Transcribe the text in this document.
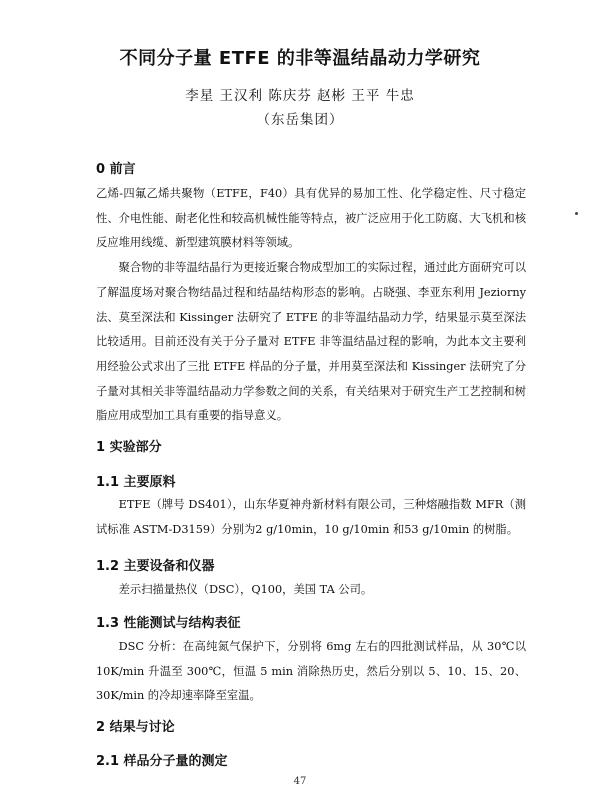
不同分子量 ETFE 的非等温结晶动力学研究
李星 王汉利 陈庆芬 赵彬 王平 牛忠
（东岳集团）
0 前言

乙烯-四氟乙烯共聚物（ETFE，F40）具有优异的易加工性、化学稳定性、尺寸稳定性、介电性能、耐老化性和较高机械性能等特点，被广泛应用于化工防腐、大飞机和核反应堆用线缆、新型建筑膜材料等领域。

聚合物的非等温结晶行为更接近聚合物成型加工的实际过程，通过此方面研究可以了解温度场对聚合物结晶过程和结晶结构形态的影响。占晓强、李亚东利用 Jeziorny 法、莫至深法和 Kissinger 法研究了 ETFE 的非等温结晶动力学，结果显示莫至深法比较适用。目前还没有关于分子量对 ETFE 非等温结晶过程的影响，为此本文主要利用经验公式求出了三批 ETFE 样品的分子量，并用莫至深法和 Kissinger 法研究了分子量对其相关非等温结晶动力学参数之间的关系，有关结果对于研究生产工艺控制和树脂应用成型加工具有重要的指导意义。

1 实验部分
1.1 主要原料
ETFE（牌号 DS401），山东华夏神舟新材料有限公司，三种熔融指数 MFR（测试标准 ASTM-D3159）分别为2 g/10min，10 g/10min 和53 g/10min 的树脂。
1.2 主要设备和仪器
差示扫描量热仪（DSC），Q100，美国 TA 公司。
1.3 性能测试与结构表征
DSC 分析：在高纯氮气保护下，分别将 6mg 左右的四批测试样品，从 30℃以 10K/min 升温至 300℃，恒温 5 min 消除热历史，然后分别以 5、10、15、20、30K/min 的冷却速率降至室温。
2 结果与讨论
2.1 样品分子量的测定
47
